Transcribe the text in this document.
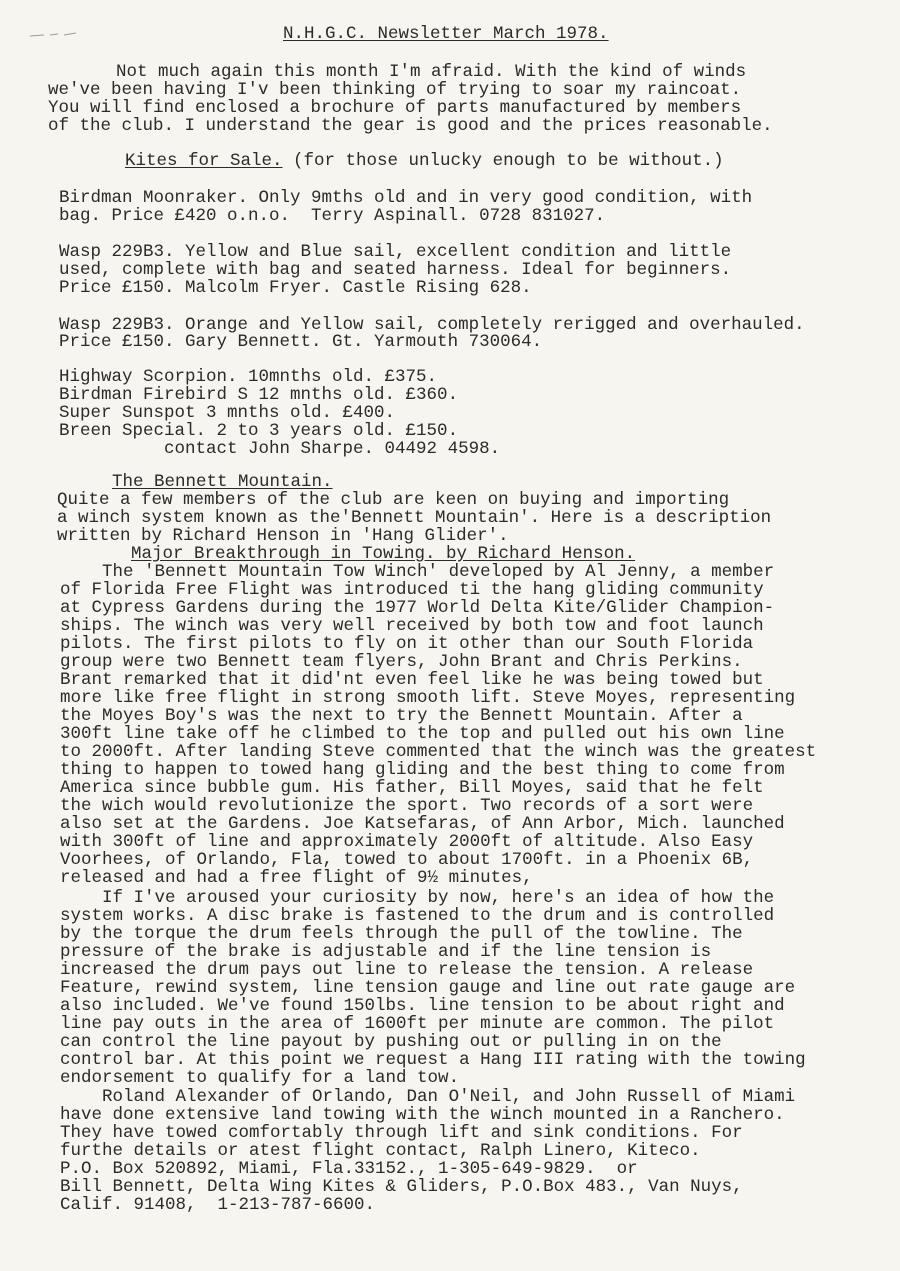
N.H.G.C. Newsletter March 1978.
Not much again this month I'm afraid. With the kind of winds
we've been having I'v been thinking of trying to soar my raincoat.
You will find enclosed a brochure of parts manufactured by members
of the club. I understand the gear is good and the prices reasonable.
Kites for Sale. (for those unlucky enough to be without.)
Birdman Moonraker. Only 9mths old and in very good condition, with
bag. Price £420 o.n.o.  Terry Aspinall. 0728 831027.
Wasp 229B3. Yellow and Blue sail, excellent condition and little
used, complete with bag and seated harness. Ideal for beginners.
Price £150. Malcolm Fryer. Castle Rising 628.
Wasp 229B3. Orange and Yellow sail, completely rerigged and overhauled.
Price £150. Gary Bennett. Gt. Yarmouth 730064.
Highway Scorpion. 10mnths old. £375.
Birdman Firebird S 12 mnths old. £360.
Super Sunspot 3 mnths old. £400.
Breen Special. 2 to 3 years old. £150.
contact John Sharpe. 04492 4598.
The Bennett Mountain.
Quite a few members of the club are keen on buying and importing
a winch system known as the'Bennett Mountain'. Here is a description
written by Richard Henson in 'Hang Glider'.
Major Breakthrough in Towing. by Richard Henson.
The 'Bennett Mountain Tow Winch' developed by Al Jenny, a member
of Florida Free Flight was introduced ti the hang gliding community
at Cypress Gardens during the 1977 World Delta Kite/Glider Champion-
ships. The winch was very well received by both tow and foot launch
pilots. The first pilots to fly on it other than our South Florida
group were two Bennett team flyers, John Brant and Chris Perkins.
Brant remarked that it did'nt even feel like he was being towed but
more like free flight in strong smooth lift. Steve Moyes, representing
the Moyes Boy's was the next to try the Bennett Mountain. After a
300ft line take off he climbed to the top and pulled out his own line
to 2000ft. After landing Steve commented that the winch was the greatest
thing to happen to towed hang gliding and the best thing to come from
America since bubble gum. His father, Bill Moyes, said that he felt
the wich would revolutionize the sport. Two records of a sort were
also set at the Gardens. Joe Katsefaras, of Ann Arbor, Mich. launched
with 300ft of line and approximately 2000ft of altitude. Also Easy
Voorhees, of Orlando, Fla, towed to about 1700ft. in a Phoenix 6B,
released and had a free flight of 9½ minutes,
If I've aroused your curiosity by now, here's an idea of how the
system works. A disc brake is fastened to the drum and is controlled
by the torque the drum feels through the pull of the towline. The
pressure of the brake is adjustable and if the line tension is
increased the drum pays out line to release the tension. A release
Feature, rewind system, line tension gauge and line out rate gauge are
also included. We've found 150lbs. line tension to be about right and
line pay outs in the area of 1600ft per minute are common. The pilot
can control the line payout by pushing out or pulling in on the
control bar. At this point we request a Hang III rating with the towing
endorsement to qualify for a land tow.
Roland Alexander of Orlando, Dan O'Neil, and John Russell of Miami
have done extensive land towing with the winch mounted in a Ranchero.
They have towed comfortably through lift and sink conditions. For
furthe details or atest flight contact, Ralph Linero, Kiteco.
P.O. Box 520892, Miami, Fla.33152., 1-305-649-9829.  or
Bill Bennett, Delta Wing Kites & Gliders, P.O.Box 483., Van Nuys,
Calif. 91408,  1-213-787-6600.
